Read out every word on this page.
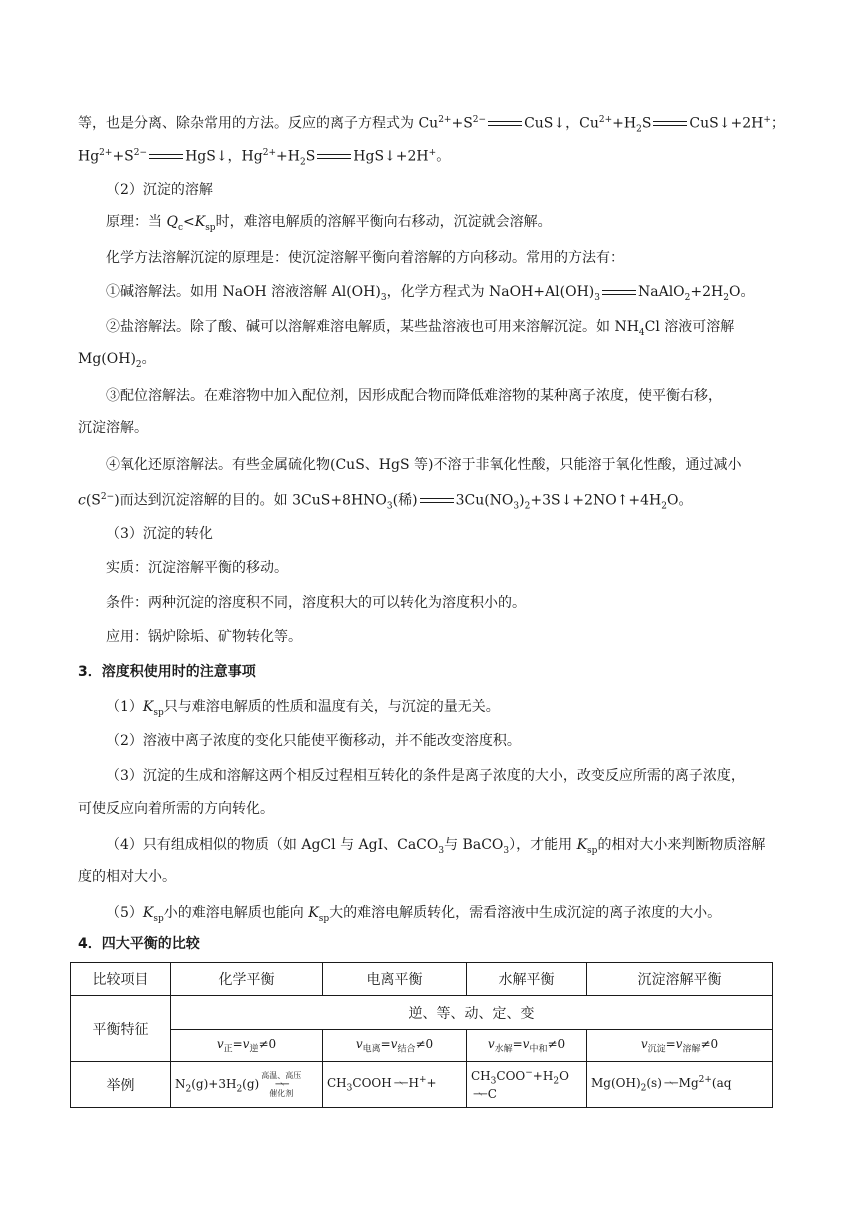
等，也是分离、除杂常用的方法。反应的离子方程式为 $Cu^{2+}+S^{2-}$	CuS↓，$Cu^{2+}+H_2S$	CuS↓+2H+；
$Hg^{2+}+S^{2-}$	HgS↓，$Hg^{2+}+H_2S$	HgS↓+2H+。
（2）沉淀的溶解
原理：当 $Q_c<K_{sp}$时，难溶电解质的溶解平衡向右移动，沉淀就会溶解。
化学方法溶解沉淀的原理是：使沉淀溶解平衡向着溶解的方向移动。常用的方法有：
①碱溶解法。如用 NaOH 溶液溶解 $Al(OH)_3$，化学方程式为 $NaOH+Al(OH)_3$	$NaAlO_2+2H_2O$。
②盐溶解法。除了酸、碱可以溶解难溶电解质，某些盐溶液也可用来溶解沉淀。如 $NH_4Cl$ 溶液可溶解
$Mg(OH)_2$。
③配位溶解法。在难溶物中加入配位剂，因形成配合物而降低难溶物的某种离子浓度，使平衡右移，
沉淀溶解。
④氧化还原溶解法。有些金属硫化物(CuS、HgS 等)不溶于非氧化性酸，只能溶于氧化性酸，通过减小
$c(S^{2-})$而达到沉淀溶解的目的。如 $3CuS+8HNO_3$(稀)	$3Cu(NO_3)_2+3S↓+2NO↑+4H_2O$。
（3）沉淀的转化
实质：沉淀溶解平衡的移动。
条件：两种沉淀的溶度积不同，溶度积大的可以转化为溶度积小的。
应用：锅炉除垢、矿物转化等。
3．溶度积使用时的注意事项
$(1)K_{sp}$只与难溶电解质的性质和温度有关，与沉淀的量无关。
（2）溶液中离子浓度的变化只能使平衡移动，并不能改变溶度积。
（3）沉淀的生成和溶解这两个相反过程相互转化的条件是离子浓度的大小，改变反应所需的离子浓度，
可使反应向着所需的方向转化。
（4）只有组成相似的物质（如 AgCl 与 AgI、CaCO$_3$与 BaCO$_3$），才能用 $K_{sp}$的相对大小来判断物质溶解
度的相对大小。
$(5)K_{sp}$小的难溶电解质也能向 $K_{sp}$大的难溶电解质转化，需看溶液中生成沉淀的离子浓度的大小。
4．四大平衡的比较
比较项目	化学平衡	电离平衡	水解平衡	沉淀溶解平衡
平衡特征	逆、等、动、定、变			
	$v_正=v_逆\ne 0$	$v_{电离}=v_{结合}\ne 0$	$v_{水解}=v_{中和}\ne 0$	$v_{沉淀}=v_{溶解}\ne 0$
举例	$N_2(g)+3H_2(g)$高温、高压
⇀↽
催化剂	$CH_3COOH$ ⇀↽ H++	$CH_3COO^-+H_2O⇀↽$ C	$Mg(OH)_2(s)$ ⇀↽ $Mg^{2+}(aq$
